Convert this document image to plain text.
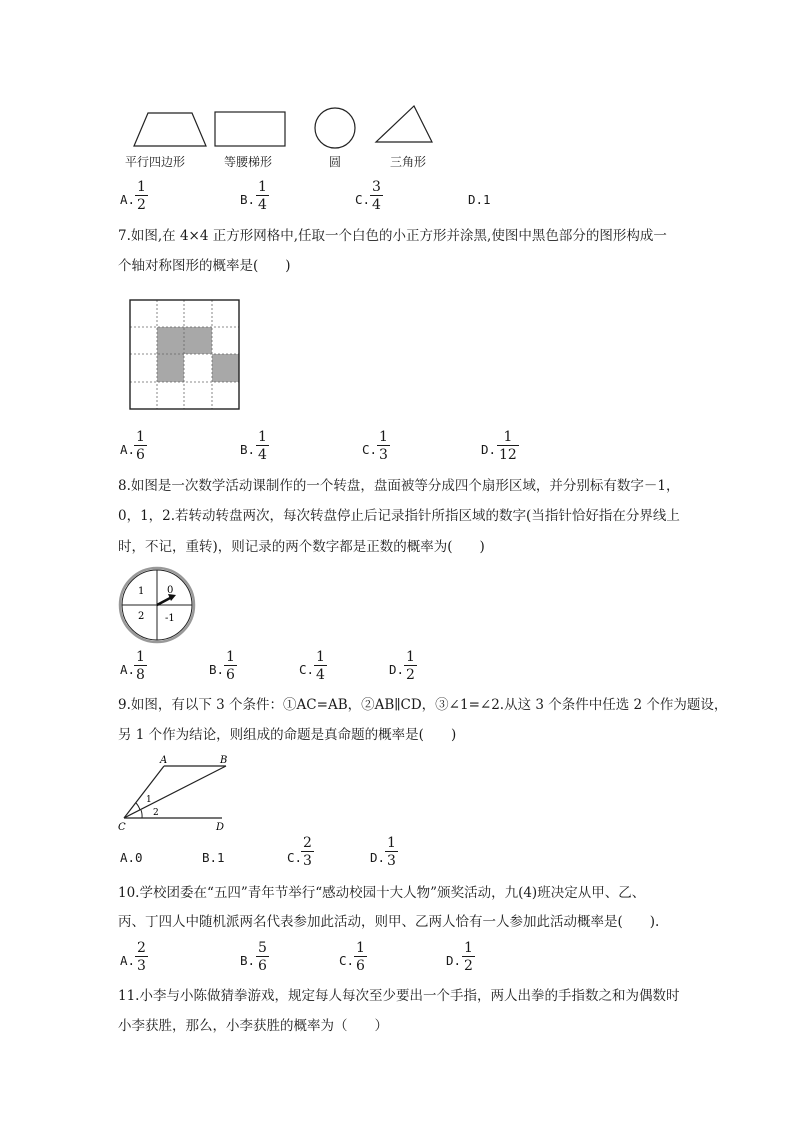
平行四边形	等腰梯形	圆	三角形
A.
1
2	B.
1
4	C.
3
4	D.1
7.如图,在 4×4 正方形网格中,任取一个白色的小正方形并涂黑,使图中黑色部分的图形构成一
个轴对称图形的概率是(　　)
A.
1
6	B.
1
4	C.
1
3	D.
1
12
8.如图是一次数学活动课制作的一个转盘，盘面被等分成四个扇形区域，并分别标有数字－1，
0，1，2.若转动转盘两次，每次转盘停止后记录指针所指区域的数字(当指针恰好指在分界线上
时，不记，重转)，则记录的两个数字都是正数的概率为(　　)
1 0
2 -1
A.
1
8	B.
1
6	C.
1
4	D.
1
2
9.如图，有以下 3 个条件：①AC=AB，②AB∥CD，③∠1=∠2.从这 3 个条件中任选 2 个作为题设，
另 1 个作为结论，则组成的命题是真命题的概率是(　　)
A	B
C	D
1
2
A.0	B.1	C.
2
3	D.
1
3
10.学校团委在“五四”青年节举行“感动校园十大人物”颁奖活动，九(4)班决定从甲、乙、
丙、丁四人中随机派两名代表参加此活动，则甲、乙两人恰有一人参加此活动概率是(　　).
A.
2
3	B.
5
6	C.
1
6	D.
1
2
11.小李与小陈做猜拳游戏，规定每人每次至少要出一个手指，两人出拳的手指数之和为偶数时
小李获胜，那么，小李获胜的概率为（　　）
